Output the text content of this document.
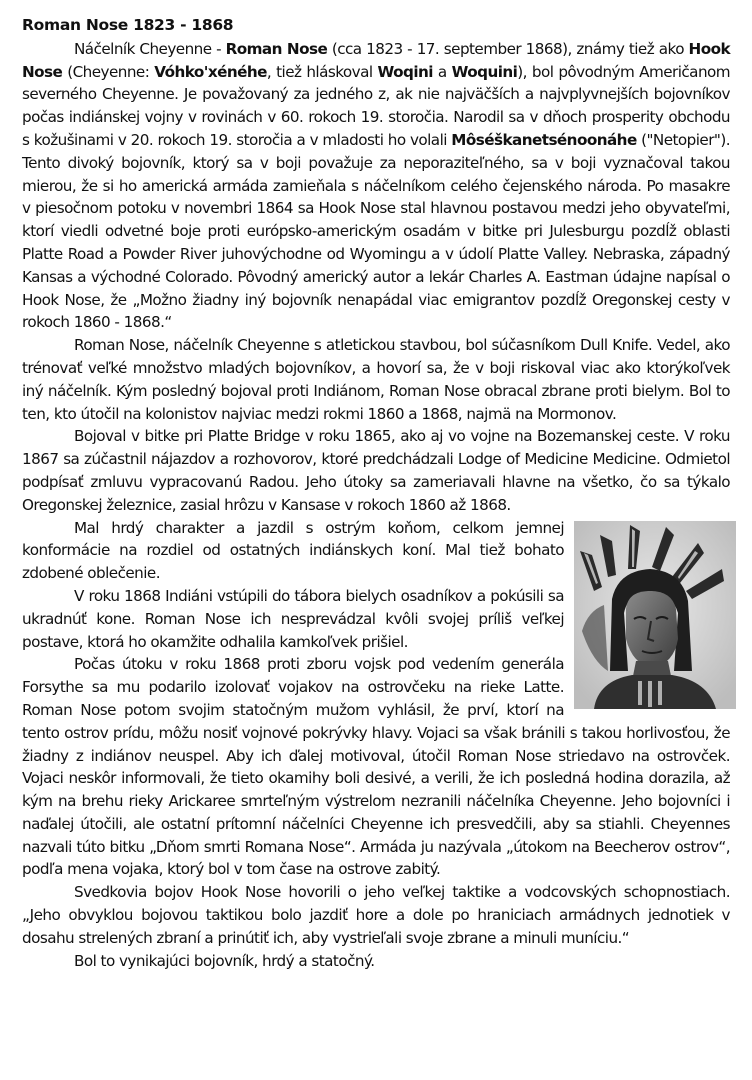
Roman Nose 1823 - 1868

Náčelník Cheyenne - Roman Nose (cca 1823 - 17. september 1868), známy tiež ako Hook Nose (Cheyenne: Vóhko'xénéhe, tiež hláskoval Woqini a Woquini), bol pôvodným Američanom severného Cheyenne. Je považovaný za jedného z, ak nie najväčších a najvplyvnejších bojovníkov počas indiánskej vojny v rovinách v 60. rokoch 19. storočia. Narodil sa v dňoch prosperity obchodu s kožušinami v 20. rokoch 19. storočia a v mladosti ho volali Môséškanetsénoonáhe ("Netopier"). Tento divoký bojovník, ktorý sa v boji považuje za neporaziteľného, sa v boji vyznačoval takou mierou, že si ho americká armáda zamieňala s náčelníkom celého čejenského národa. Po masakre v piesočnom potoku v novembri 1864 sa Hook Nose stal hlavnou postavou medzi jeho obyvateľmi, ktorí viedli odvetné boje proti európsko-americkým osadám v bitke pri Julesburgu pozdĺž oblasti Platte Road a Powder River juhovýchodne od Wyomingu a v údolí Platte Valley. Nebraska, západný Kansas a východné Colorado. Pôvodný americký autor a lekár Charles A. Eastman údajne napísal o Hook Nose, že „Možno žiadny iný bojovník nenapádal viac emigrantov pozdĺž Oregonskej cesty v rokoch 1860 - 1868.“

Roman Nose, náčelník Cheyenne s atletickou stavbou, bol súčasníkom Dull Knife. Vedel, ako trénovať veľké množstvo mladých bojovníkov, a hovorí sa, že v boji riskoval viac ako ktorýkoľvek iný náčelník. Kým posledný bojoval proti Indiánom, Roman Nose obracal zbrane proti bielym. Bol to ten, kto útočil na kolonistov najviac medzi rokmi 1860 a 1868, najmä na Mormonov.

Bojoval v bitke pri Platte Bridge v roku 1865, ako aj vo vojne na Bozemanskej ceste. V roku 1867 sa zúčastnil nájazdov a rozhovorov, ktoré predchádzali Lodge of Medicine Medicine. Odmietol podpísať zmluvu vypracovanú Radou. Jeho útoky sa zameriavali hlavne na všetko, čo sa týkalo Oregonskej železnice, zasial hrôzu v Kansase v rokoch 1860 až 1868.

Mal hrdý charakter a jazdil s ostrým koňom, celkom jemnej konformácie na rozdiel od ostatných indiánskych koní. Mal tiež bohato zdobené oblečenie.

V roku 1868 Indiáni vstúpili do tábora bielych osadníkov a pokúsili sa ukradnúť kone. Roman Nose ich nesprevádzal kvôli svojej príliš veľkej postave, ktorá ho okamžite odhalila kamkoľvek prišiel.

Počas útoku v roku 1868 proti zboru vojsk pod vedením generála Forsythe sa mu podarilo izolovať vojakov na ostrovčeku na rieke Latte. Roman Nose potom svojim statočným mužom vyhlásil, že prví, ktorí na tento ostrov prídu, môžu nosiť vojnové pokrývky hlavy. Vojaci sa však bránili s takou horlivosťou, že žiadny z indiánov neuspel. Aby ich ďalej motivoval, útočil Roman Nose striedavo na ostrovček. Vojaci neskôr informovali, že tieto okamihy boli desivé, a verili, že ich posledná hodina dorazila, až kým na brehu rieky Arickaree smrteľným výstrelom nezranili náčelníka Cheyenne. Jeho bojovníci i naďalej útočili, ale ostatní prítomní náčelníci Cheyenne ich presvedčili, aby sa stiahli. Cheyennes nazvali túto bitku „Dňom smrti Romana Nose“. Armáda ju nazývala „útokom na Beecherov ostrov“, podľa mena vojaka, ktorý bol v tom čase na ostrove zabitý.

Svedkovia bojov Hook Nose hovorili o jeho veľkej taktike a vodcovských schopnostiach. „Jeho obvyklou bojovou taktikou bolo jazdiť hore a dole po hraniciach armádnych jednotiek v dosahu strelených zbraní a prinútiť ich, aby vystrieľali svoje zbrane a minuli muníciu.“

Bol to vynikajúci bojovník, hrdý a statočný.
